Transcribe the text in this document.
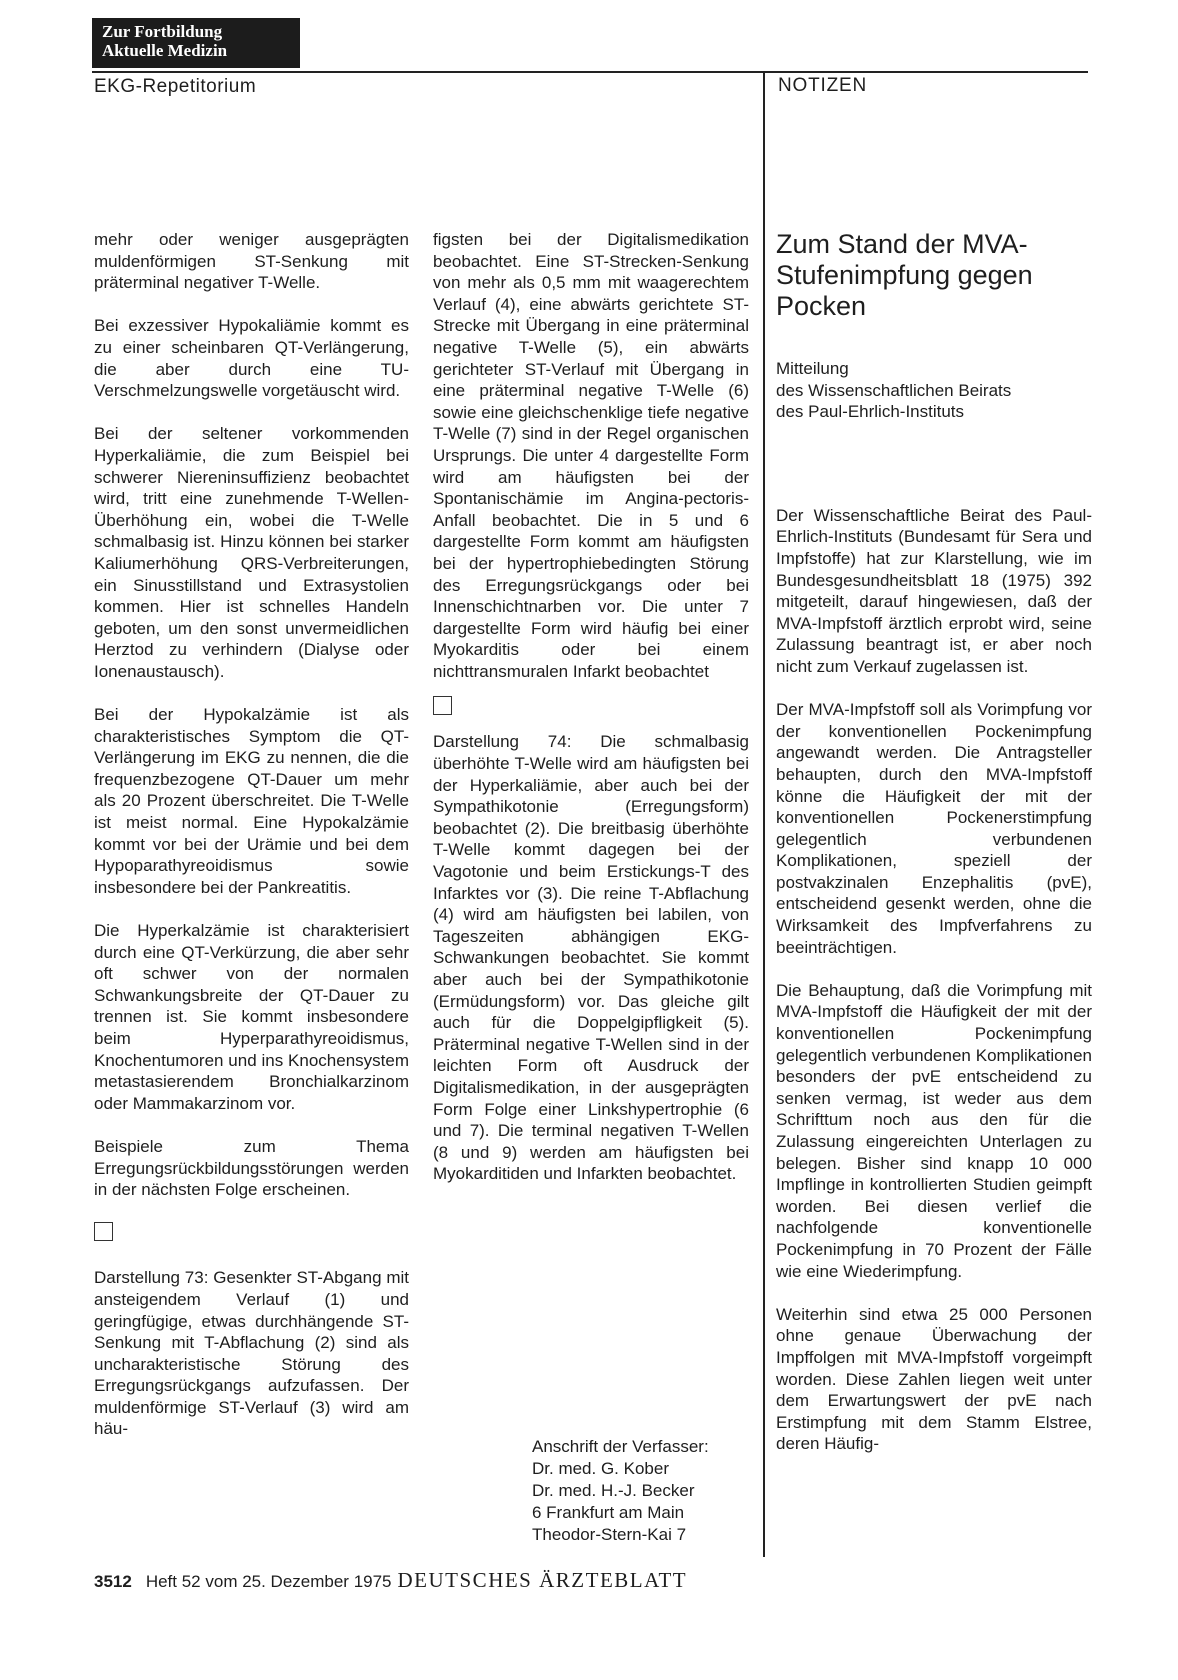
Zur Fortbildung
Aktuelle Medizin
EKG-Repetitorium	NOTIZEN

mehr oder weniger ausgeprägten muldenförmigen ST-Senkung mit präterminal negativer T-Welle.

Bei exzessiver Hypokaliämie kommt es zu einer scheinbaren QT-Verlängerung, die aber durch eine TU-Verschmelzungswelle vorgetäuscht wird.

Bei der seltener vorkommenden Hyperkaliämie, die zum Beispiel bei schwerer Niereninsuffizienz beobachtet wird, tritt eine zunehmende T-Wellen-Überhöhung ein, wobei die T-Welle schmalbasig ist. Hinzu können bei starker Kaliumerhöhung QRS-Verbreiterungen, ein Sinusstillstand und Extrasystolien kommen. Hier ist schnelles Handeln geboten, um den sonst unvermeidlichen Herztod zu verhindern (Dialyse oder Ionenaustausch).

Bei der Hypokalzämie ist als charakteristisches Symptom die QT-Verlängerung im EKG zu nennen, die die frequenzbezogene QT-Dauer um mehr als 20 Prozent überschreitet. Die T-Welle ist meist normal. Eine Hypokalzämie kommt vor bei der Urämie und bei dem Hypoparathyreoidismus sowie insbesondere bei der Pankreatitis.

Die Hyperkalzämie ist charakterisiert durch eine QT-Verkürzung, die aber sehr oft schwer von der normalen Schwankungsbreite der QT-Dauer zu trennen ist. Sie kommt insbesondere beim Hyperparathyreoidismus, Knochentumoren und ins Knochensystem metastasierendem Bronchialkarzinom oder Mammakarzinom vor.

Beispiele zum Thema Erregungsrückbildungsstörungen werden in der nächsten Folge erscheinen.

Darstellung 73: Gesenkter ST-Abgang mit ansteigendem Verlauf (1) und geringfügige, etwas durchhängende ST-Senkung mit T-Abflachung (2) sind als uncharakteristische Störung des Erregungsrückgangs aufzufassen. Der muldenförmige ST-Verlauf (3) wird am häu-

figsten bei der Digitalismedikation beobachtet. Eine ST-Strecken-Senkung von mehr als 0,5 mm mit waagerechtem Verlauf (4), eine abwärts gerichtete ST-Strecke mit Übergang in eine präterminal negative T-Welle (5), ein abwärts gerichteter ST-Verlauf mit Übergang in eine präterminal negative T-Welle (6) sowie eine gleichschenklige tiefe negative T-Welle (7) sind in der Regel organischen Ursprungs. Die unter 4 dargestellte Form wird am häufigsten bei der Spontanischämie im Angina-pectoris-Anfall beobachtet. Die in 5 und 6 dargestellte Form kommt am häufigsten bei der hypertrophiebedingten Störung des Erregungsrückgangs oder bei Innenschichtnarben vor. Die unter 7 dargestellte Form wird häufig bei einer Myokarditis oder bei einem nichttransmuralen Infarkt beobachtet

Darstellung 74: Die schmalbasig überhöhte T-Welle wird am häufigsten bei der Hyperkaliämie, aber auch bei der Sympathikotonie (Erregungsform) beobachtet (2). Die breitbasig überhöhte T-Welle kommt dagegen bei der Vagotonie und beim Erstickungs-T des Infarktes vor (3). Die reine T-Abflachung (4) wird am häufigsten bei labilen, von Tageszeiten abhängigen EKG-Schwankungen beobachtet. Sie kommt aber auch bei der Sympathikotonie (Ermüdungsform) vor. Das gleiche gilt auch für die Doppelgipfligkeit (5). Präterminal negative T-Wellen sind in der leichten Form oft Ausdruck der Digitalismedikation, in der ausgeprägten Form Folge einer Linkshypertrophie (6 und 7). Die terminal negativen T-Wellen (8 und 9) werden am häufigsten bei Myokarditiden und Infarkten beobachtet.

Anschrift der Verfasser:
Dr. med. G. Kober
Dr. med. H.-J. Becker
6 Frankfurt am Main
Theodor-Stern-Kai 7
Zum Stand der MVA-Stufenimpfung gegen Pocken
Mitteilung
des Wissenschaftlichen Beirats
des Paul-Ehrlich-Instituts

Der Wissenschaftliche Beirat des Paul-Ehrlich-Instituts (Bundesamt für Sera und Impfstoffe) hat zur Klarstellung, wie im Bundesgesundheitsblatt 18 (1975) 392 mitgeteilt, darauf hingewiesen, daß der MVA-Impfstoff ärztlich erprobt wird, seine Zulassung beantragt ist, er aber noch nicht zum Verkauf zugelassen ist.

Der MVA-Impfstoff soll als Vorimpfung vor der konventionellen Pockenimpfung angewandt werden. Die Antragsteller behaupten, durch den MVA-Impfstoff könne die Häufigkeit der mit der konventionellen Pockenerstimpfung gelegentlich verbundenen Komplikationen, speziell der postvakzinalen Enzephalitis (pvE), entscheidend gesenkt werden, ohne die Wirksamkeit des Impfverfahrens zu beeinträchtigen.

Die Behauptung, daß die Vorimpfung mit MVA-Impfstoff die Häufigkeit der mit der konventionellen Pockenimpfung gelegentlich verbundenen Komplikationen besonders der pvE entscheidend zu senken vermag, ist weder aus dem Schrifttum noch aus den für die Zulassung eingereichten Unterlagen zu belegen. Bisher sind knapp 10 000 Impflinge in kontrollierten Studien geimpft worden. Bei diesen verlief die nachfolgende konventionelle Pockenimpfung in 70 Prozent der Fälle wie eine Wiederimpfung.

Weiterhin sind etwa 25 000 Personen ohne genaue Überwachung der Impffolgen mit MVA-Impfstoff vorgeimpft worden. Diese Zahlen liegen weit unter dem Erwartungswert der pvE nach Erstimpfung mit dem Stamm Elstree, deren Häufig-

3512 Heft 52 vom 25. Dezember 1975 DEUTSCHES ÄRZTEBLATT
